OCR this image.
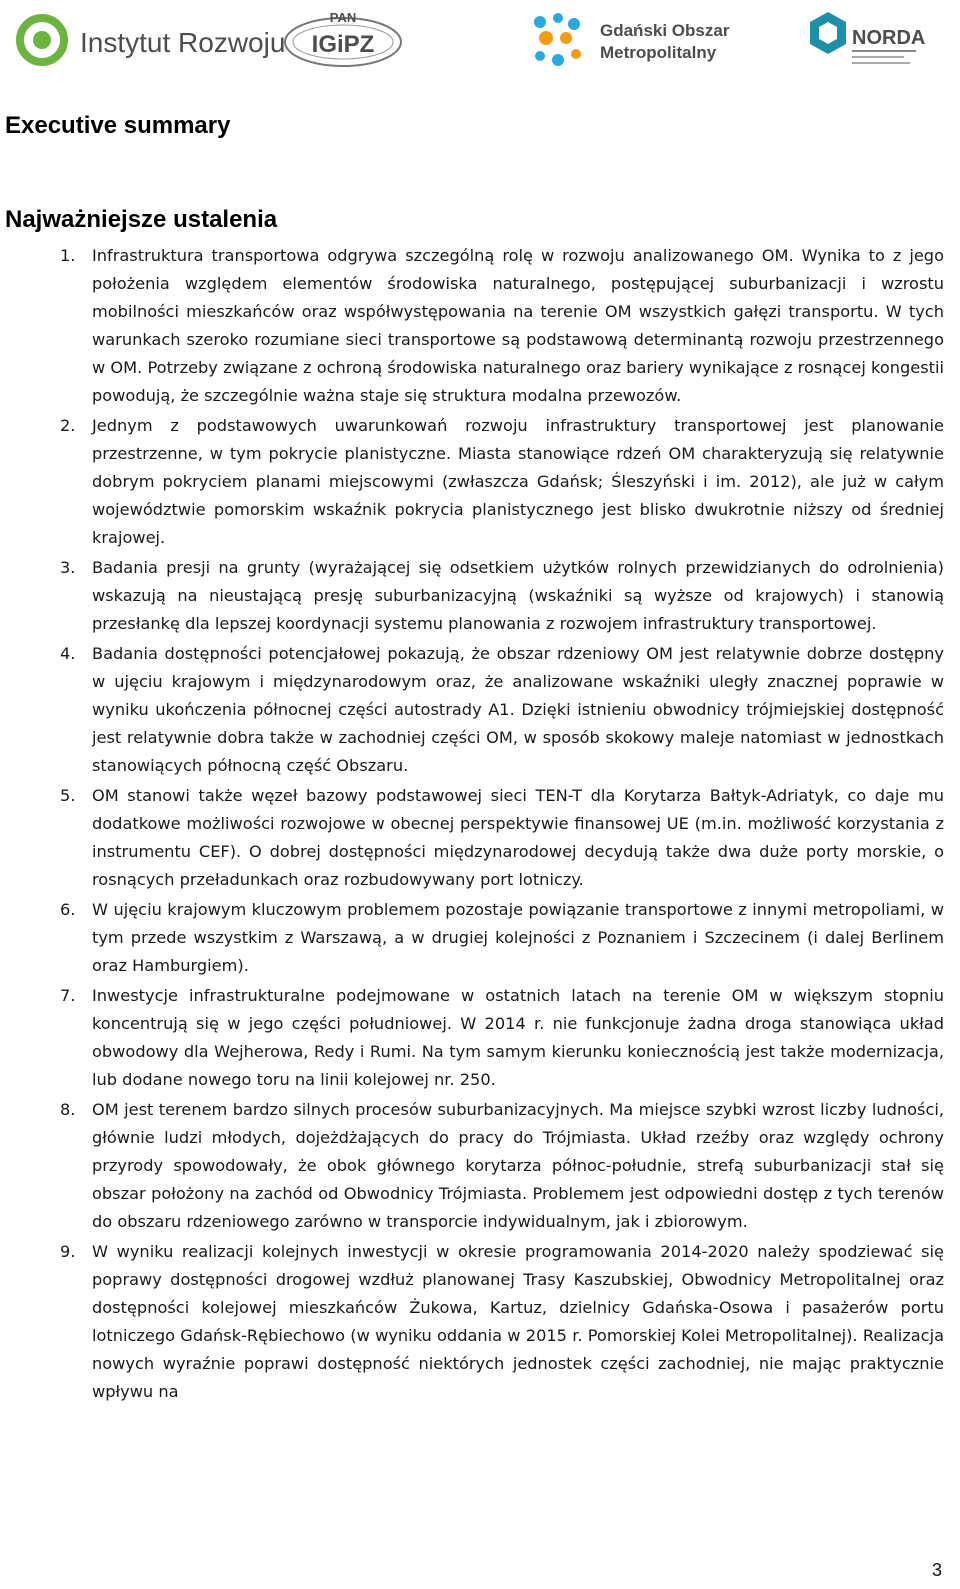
Instytut Rozwoju
PAN
IGiPZ
Gdański Obszar
Metropolitalny
NORDA
Executive summary
Najważniejsze ustalenia
1.	Infrastruktura transportowa odgrywa szczególną rolę w rozwoju analizowanego OM. Wynika to z jego położenia względem elementów środowiska naturalnego, postępującej suburbanizacji i wzrostu mobilności mieszkańców oraz współwystępowania na terenie OM wszystkich gałęzi transportu. W tych warunkach szeroko rozumiane sieci transportowe są podstawową determinantą rozwoju przestrzennego w OM. Potrzeby związane z ochroną środowiska naturalnego oraz bariery wynikające z rosnącej kongestii powodują, że szczególnie ważna staje się struktura modalna przewozów.
2.	Jednym z podstawowych uwarunkowań rozwoju infrastruktury transportowej jest planowanie przestrzenne, w tym pokrycie planistyczne. Miasta stanowiące rdzeń OM charakteryzują się relatywnie dobrym pokryciem planami miejscowymi (zwłaszcza Gdańsk; Śleszyński i im. 2012), ale już w całym województwie pomorskim wskaźnik pokrycia planistycznego jest blisko dwukrotnie niższy od średniej krajowej.
3.	Badania presji na grunty (wyrażającej się odsetkiem użytków rolnych przewidzianych do odrolnienia) wskazują na nieustającą presję suburbanizacyjną (wskaźniki są wyższe od krajowych) i stanowią przesłankę dla lepszej koordynacji systemu planowania z rozwojem infrastruktury transportowej.
4.	Badania dostępności potencjałowej pokazują, że obszar rdzeniowy OM jest relatywnie dobrze dostępny w ujęciu krajowym i międzynarodowym oraz, że analizowane wskaźniki uległy znacznej poprawie w wyniku ukończenia północnej części autostrady A1. Dzięki istnieniu obwodnicy trójmiejskiej dostępność jest relatywnie dobra także w zachodniej części OM, w sposób skokowy maleje natomiast w jednostkach stanowiących północną część Obszaru.
5.	OM stanowi także węzeł bazowy podstawowej sieci TEN-T dla Korytarza Bałtyk-Adriatyk, co daje mu dodatkowe możliwości rozwojowe w obecnej perspektywie finansowej UE (m.in. możliwość korzystania z instrumentu CEF). O dobrej dostępności międzynarodowej decydują także dwa duże porty morskie, o rosnących przeładunkach oraz rozbudowywany port lotniczy.
6.	W ujęciu krajowym kluczowym problemem pozostaje powiązanie transportowe z innymi metropoliami, w tym przede wszystkim z Warszawą, a w drugiej kolejności z Poznaniem i Szczecinem (i dalej Berlinem oraz Hamburgiem).
7.	Inwestycje infrastrukturalne podejmowane w ostatnich latach na terenie OM w większym stopniu koncentrują się w jego części południowej. W 2014 r. nie funkcjonuje żadna droga stanowiąca układ obwodowy dla Wejherowa, Redy i Rumi. Na tym samym kierunku koniecznością jest także modernizacja, lub dodane nowego toru na linii kolejowej nr. 250.
8.	OM jest terenem bardzo silnych procesów suburbanizacyjnych. Ma miejsce szybki wzrost liczby ludności, głównie ludzi młodych, dojeżdżających do pracy do Trójmiasta. Układ rzeźby oraz względy ochrony przyrody spowodowały, że obok głównego korytarza północ-południe, strefą suburbanizacji stał się obszar położony na zachód od Obwodnicy Trójmiasta. Problemem jest odpowiedni dostęp z tych terenów do obszaru rdzeniowego zarówno w transporcie indywidualnym, jak i zbiorowym.
9.	W wyniku realizacji kolejnych inwestycji w okresie programowania 2014-2020 należy spodziewać się poprawy dostępności drogowej wzdłuż planowanej Trasy Kaszubskiej, Obwodnicy Metropolitalnej oraz dostępności kolejowej mieszkańców Żukowa, Kartuz, dzielnicy Gdańska-Osowa i pasażerów portu lotniczego Gdańsk-Rębiechowo (w wyniku oddania w 2015 r. Pomorskiej Kolei Metropolitalnej). Realizacja nowych wyraźnie poprawi dostępność niektórych jednostek części zachodniej, nie mając praktycznie wpływu na
3
